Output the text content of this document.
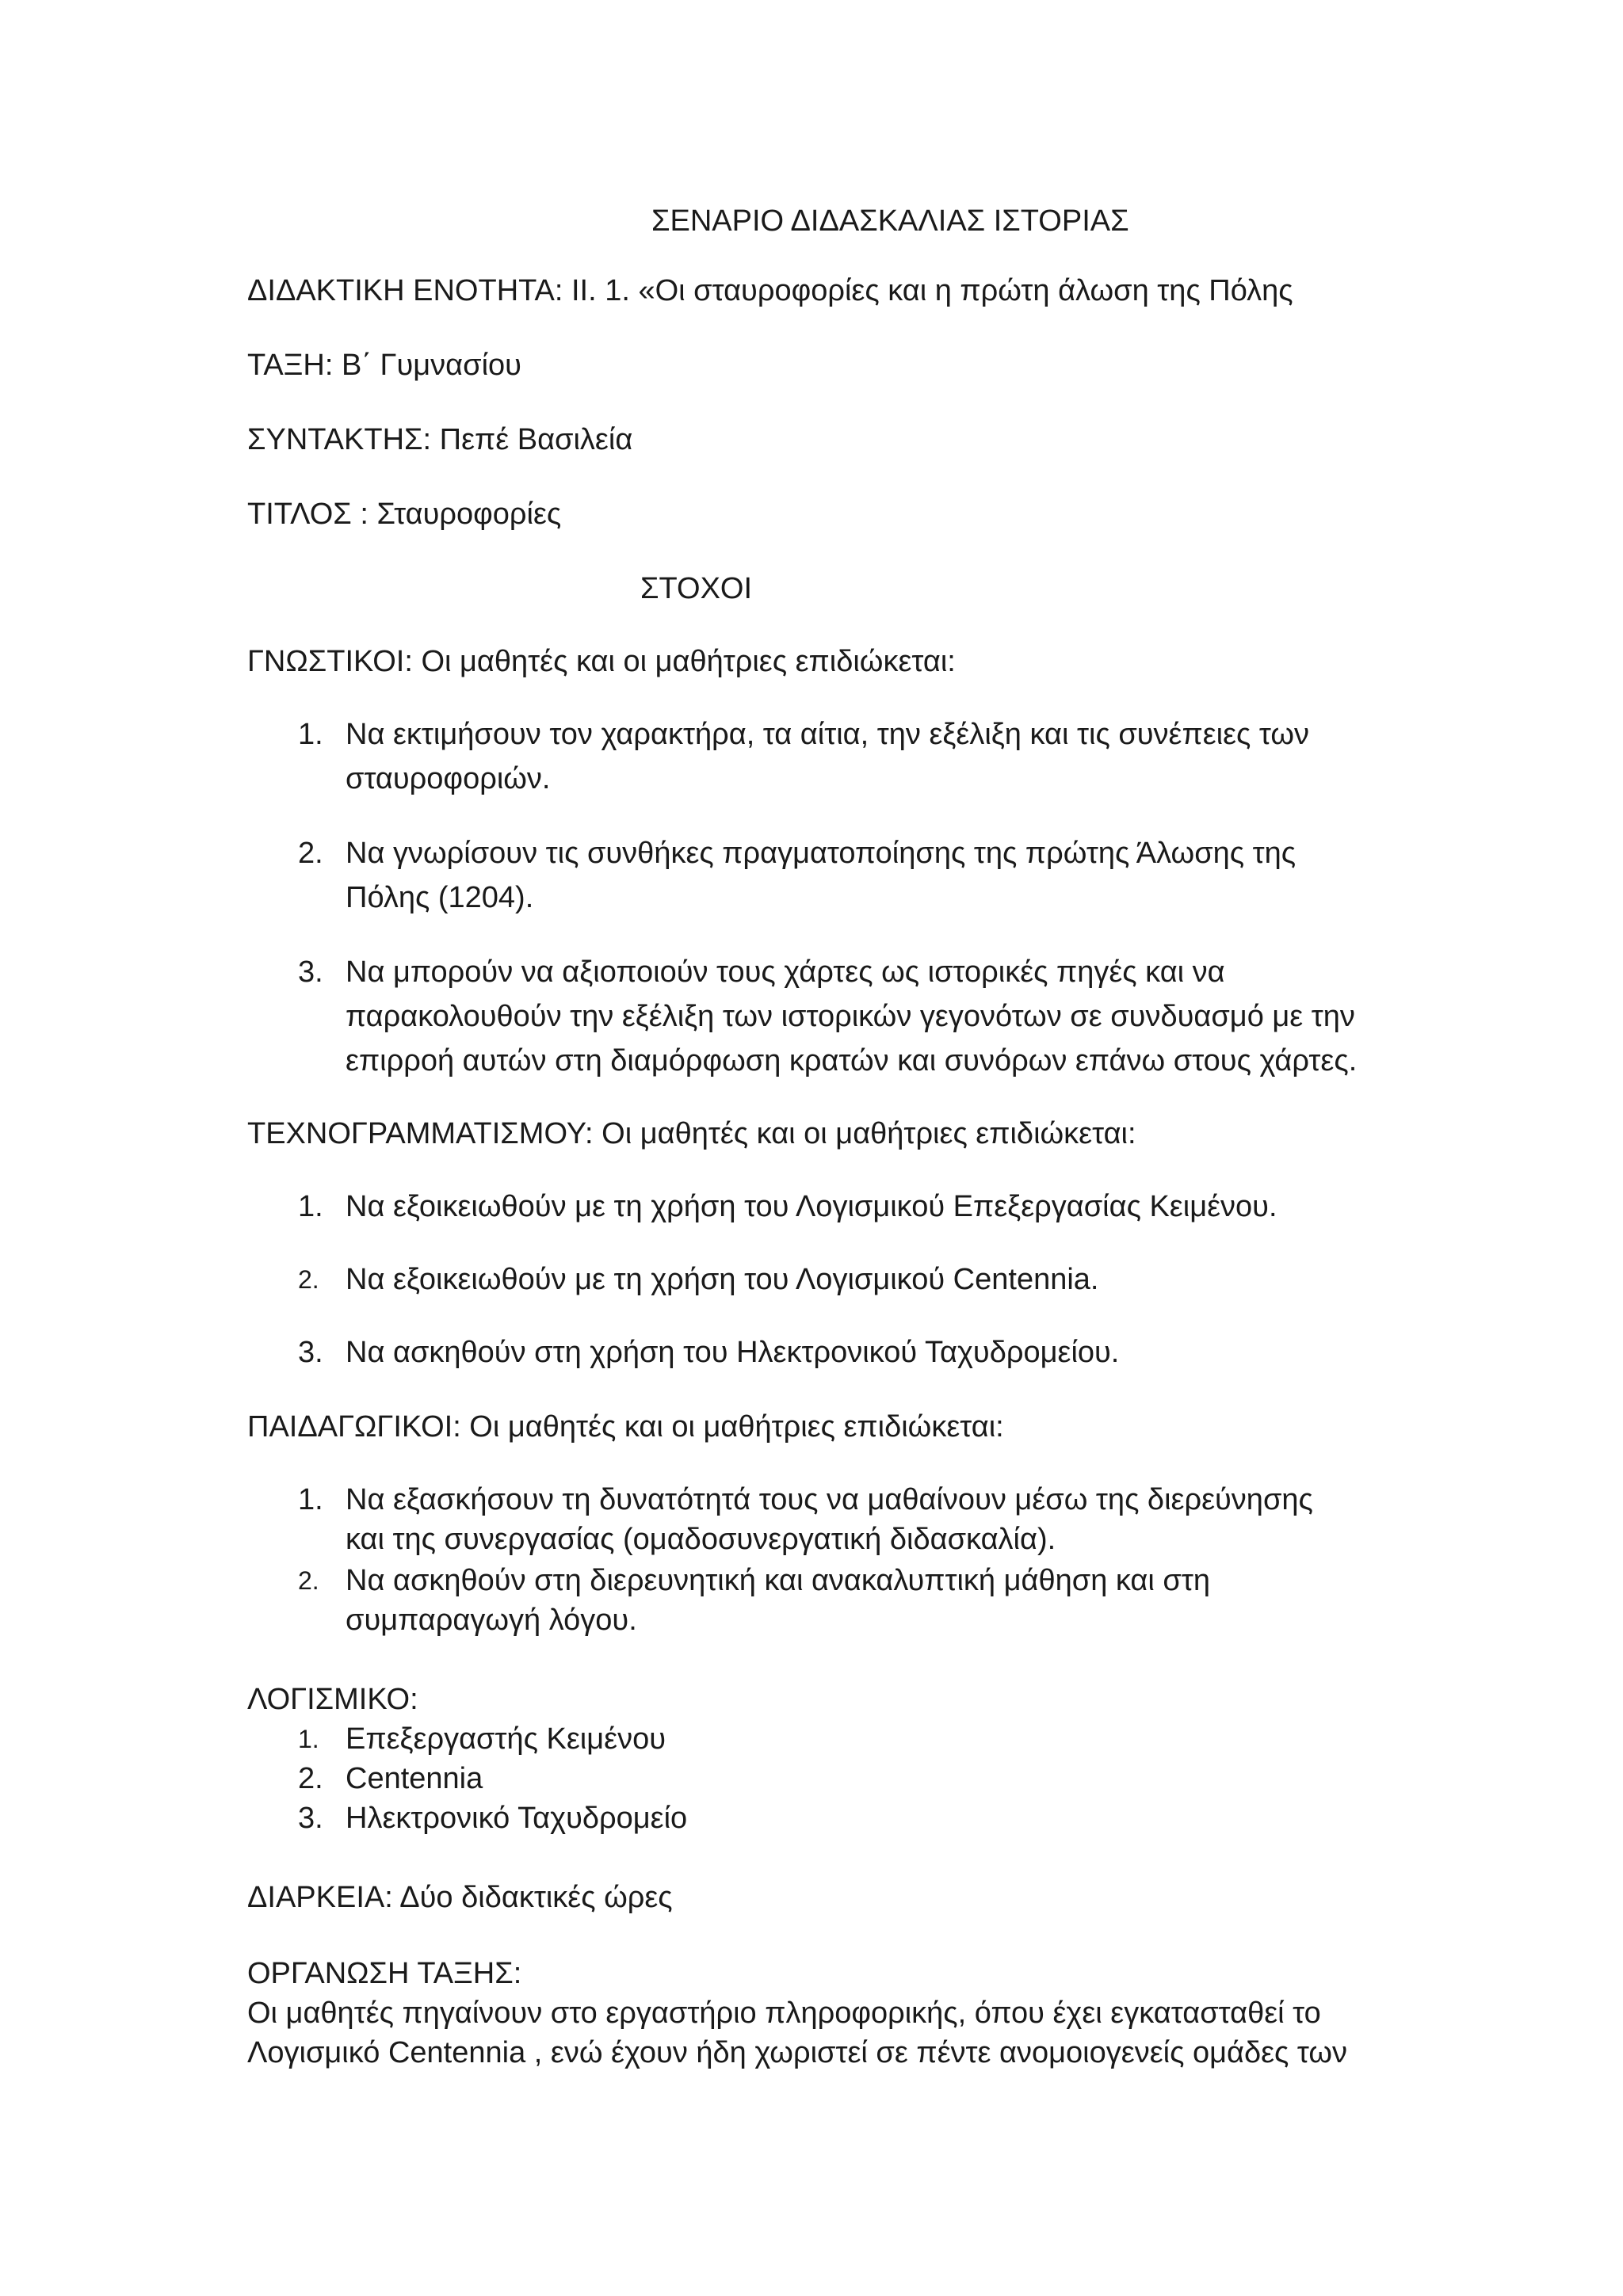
ΣΕΝΑΡΙΟ ΔΙΔΑΣΚΑΛΙΑΣ ΙΣΤΟΡΙΑΣ
ΔΙΔΑΚΤΙΚΗ ΕΝΟΤΗΤΑ: ΙΙ. 1. «Οι σταυροφορίες και η πρώτη άλωση της Πόλης
ΤΑΞΗ: Β΄ Γυμνασίου
ΣΥΝΤΑΚΤΗΣ: Πεπέ Βασιλεία
ΤΙΤΛΟΣ : Σταυροφορίες
ΣΤΟΧΟΙ
ΓΝΩΣΤΙΚΟΙ: Οι μαθητές και οι μαθήτριες επιδιώκεται:
1. Να εκτιμήσουν τον χαρακτήρα, τα αίτια, την εξέλιξη και τις συνέπειες των
σταυροφοριών.
2. Να γνωρίσουν τις συνθήκες πραγματοποίησης της πρώτης Άλωσης της
Πόλης (1204).
3. Να μπορούν να αξιοποιούν τους χάρτες ως ιστορικές πηγές και να
παρακολουθούν την εξέλιξη των ιστορικών γεγονότων σε συνδυασμό με την
επιρροή αυτών στη διαμόρφωση κρατών και συνόρων επάνω στους χάρτες.
ΤΕΧΝΟΓΡΑΜΜΑΤΙΣΜΟΥ: Οι μαθητές και οι μαθήτριες επιδιώκεται:
1. Να εξοικειωθούν με τη χρήση του Λογισμικού Επεξεργασίας Κειμένου.
2. Να εξοικειωθούν με τη χρήση του Λογισμικού Centennia.
3. Να ασκηθούν στη χρήση του Ηλεκτρονικού Ταχυδρομείου.
ΠΑΙΔΑΓΩΓΙΚΟΙ: Οι μαθητές και οι μαθήτριες επιδιώκεται:
1. Να εξασκήσουν τη δυνατότητά τους να μαθαίνουν μέσω της διερεύνησης
και της συνεργασίας (ομαδοσυνεργατική διδασκαλία).
2. Να ασκηθούν στη διερευνητική και ανακαλυπτική μάθηση και στη
συμπαραγωγή λόγου.
ΛΟΓΙΣΜΙΚΟ:
1. Επεξεργαστής Κειμένου
2. Centennia
3. Ηλεκτρονικό Ταχυδρομείο
ΔΙΑΡΚΕΙΑ: Δύο διδακτικές ώρες
ΟΡΓΑΝΩΣΗ ΤΑΞΗΣ:
Οι μαθητές πηγαίνουν στο εργαστήριο πληροφορικής, όπου έχει εγκατασταθεί το
Λογισμικό Centennia , ενώ έχουν ήδη χωριστεί σε πέντε ανομοιογενείς ομάδες των
